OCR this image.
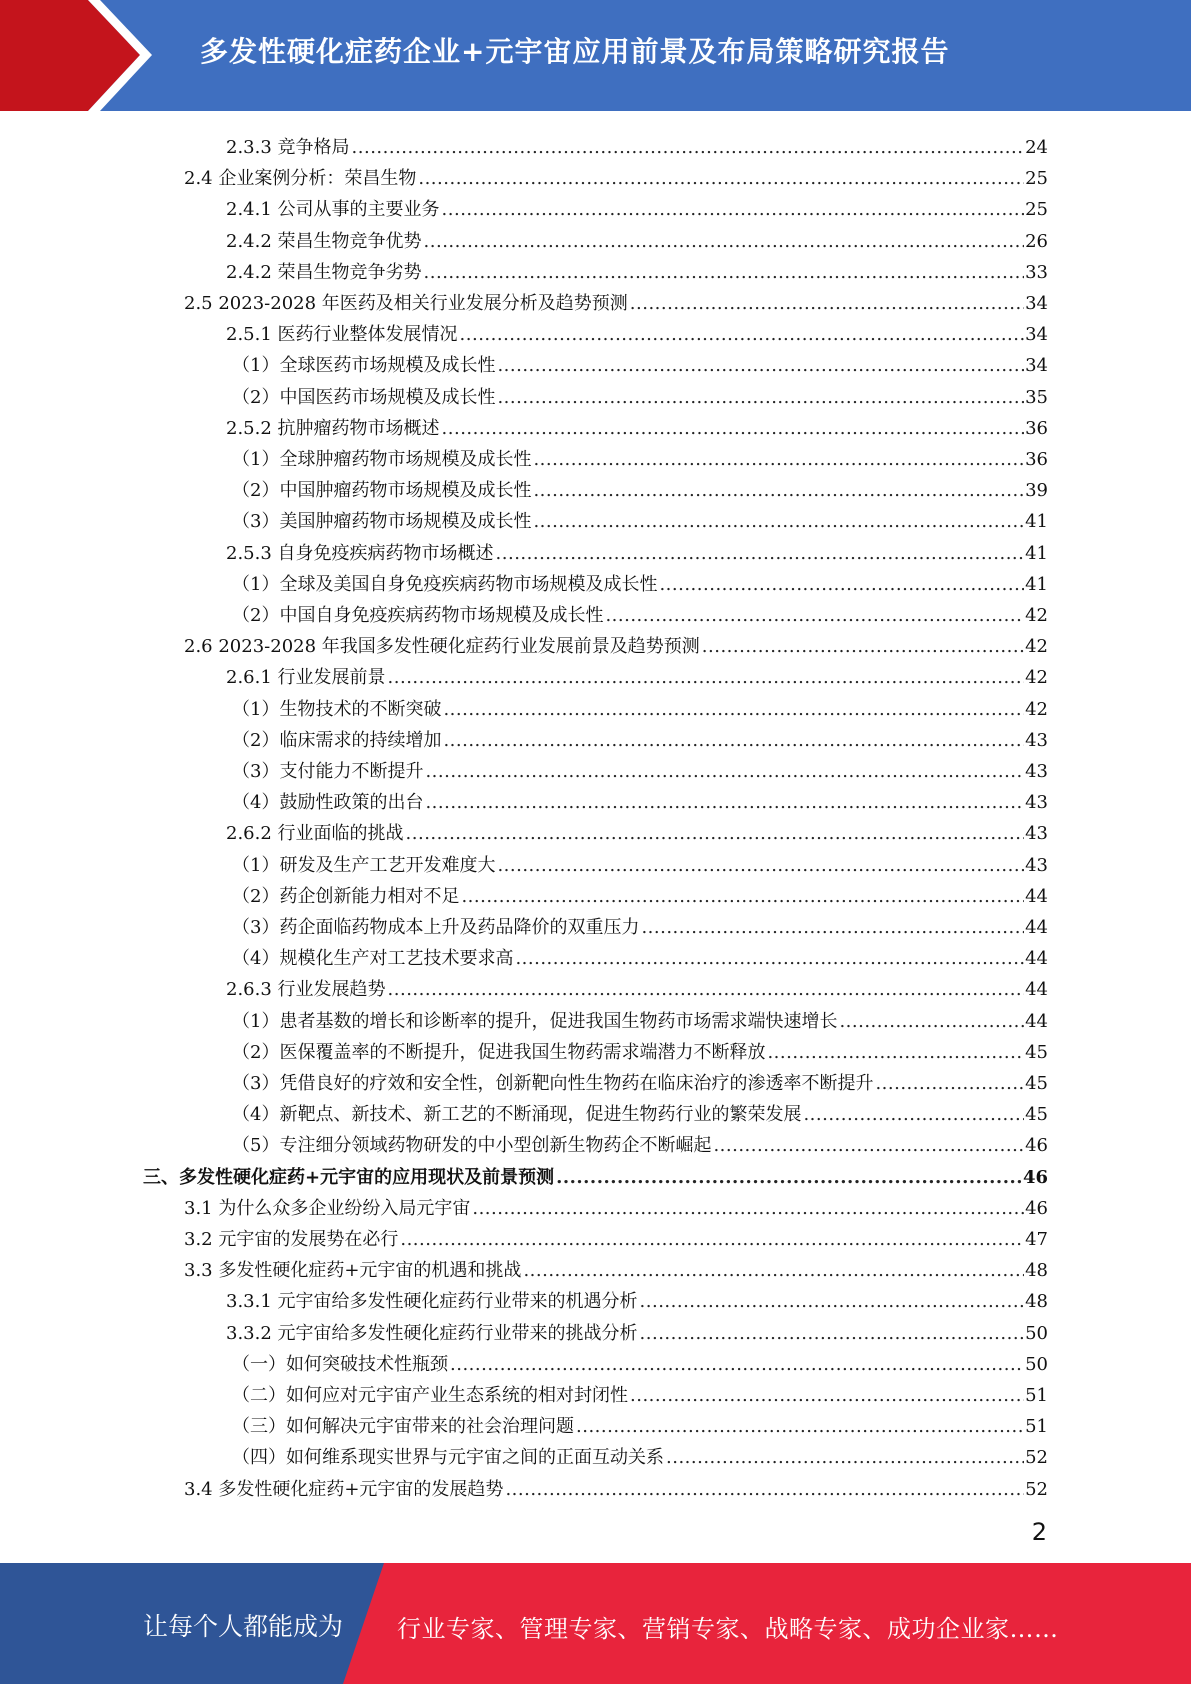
多发性硬化症药企业+元宇宙应用前景及布局策略研究报告
2.3.3 竞争格局 .....	24
2.4 企业案例分析：荣昌生物 .....	25
2.4.1 公司从事的主要业务 .....	25
2.4.2 荣昌生物竞争优势 .....	26
2.4.2 荣昌生物竞争劣势 .....	33
2.5 2023-2028 年医药及相关行业发展分析及趋势预测 .....	34
2.5.1 医药行业整体发展情况 .....	34
（1）全球医药市场规模及成长性 .....	34
（2）中国医药市场规模及成长性 .....	35
2.5.2 抗肿瘤药物市场概述 .....	36
（1）全球肿瘤药物市场规模及成长性 .....	36
（2）中国肿瘤药物市场规模及成长性 .....	39
（3）美国肿瘤药物市场规模及成长性 .....	41
2.5.3 自身免疫疾病药物市场概述 .....	41
（1）全球及美国自身免疫疾病药物市场规模及成长性 .....	41
（2）中国自身免疫疾病药物市场规模及成长性 .....	42
2.6 2023-2028 年我国多发性硬化症药行业发展前景及趋势预测 .....	42
2.6.1 行业发展前景 .....	42
（1）生物技术的不断突破 .....	42
（2）临床需求的持续增加 .....	43
（3）支付能力不断提升 .....	43
（4）鼓励性政策的出台 .....	43
2.6.2 行业面临的挑战 .....	43
（1）研发及生产工艺开发难度大 .....	43
（2）药企创新能力相对不足 .....	44
（3）药企面临药物成本上升及药品降价的双重压力 .....	44
（4）规模化生产对工艺技术要求高 .....	44
2.6.3 行业发展趋势 .....	44
（1）患者基数的增长和诊断率的提升，促进我国生物药市场需求端快速增长 .....	44
（2）医保覆盖率的不断提升，促进我国生物药需求端潜力不断释放 .....	45
（3）凭借良好的疗效和安全性，创新靶向性生物药在临床治疗的渗透率不断提升 .....	45
（4）新靶点、新技术、新工艺的不断涌现，促进生物药行业的繁荣发展 .....	45
（5）专注细分领域药物研发的中小型创新生物药企不断崛起 .....	46
三、多发性硬化症药+元宇宙的应用现状及前景预测 .....	46
3.1 为什么众多企业纷纷入局元宇宙 .....	46
3.2 元宇宙的发展势在必行 .....	47
3.3 多发性硬化症药+元宇宙的机遇和挑战 .....	48
3.3.1 元宇宙给多发性硬化症药行业带来的机遇分析 .....	48
3.3.2 元宇宙给多发性硬化症药行业带来的挑战分析 .....	50
（一）如何突破技术性瓶颈 .....	50
（二）如何应对元宇宙产业生态系统的相对封闭性 .....	51
（三）如何解决元宇宙带来的社会治理问题 .....	51
（四）如何维系现实世界与元宇宙之间的正面互动关系 .....	52
3.4 多发性硬化症药+元宇宙的发展趋势 .....	52
2
让每个人都能成为 行业专家、管理专家、营销专家、战略专家、成功企业家……
